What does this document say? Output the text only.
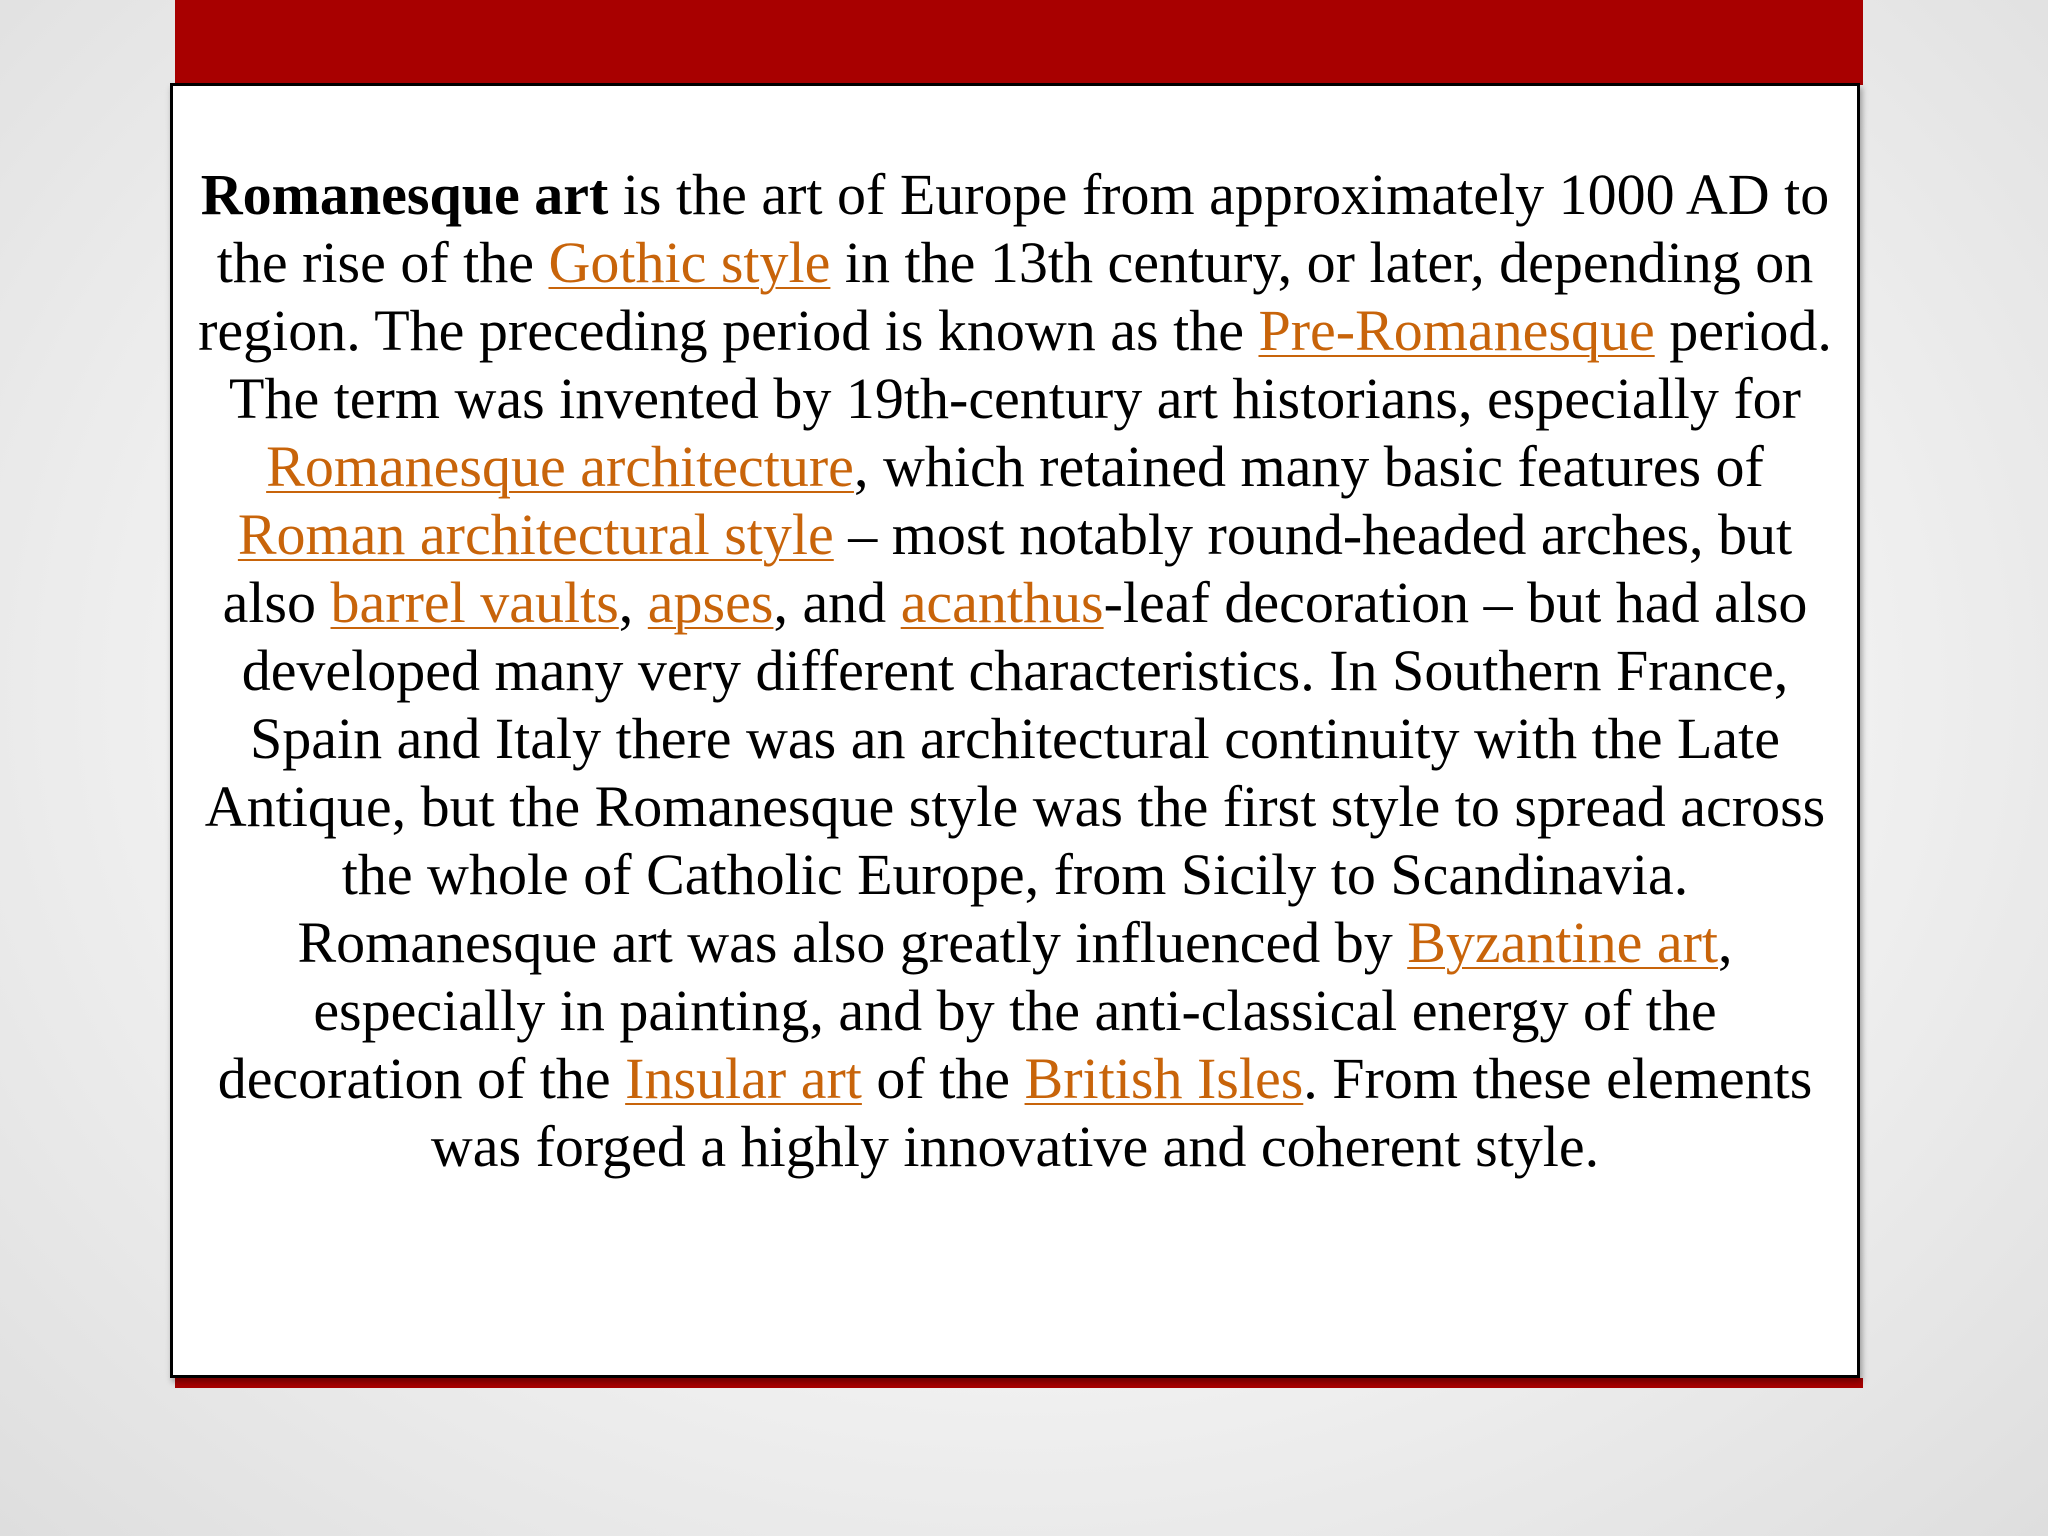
Romanesque art is the art of Europe from approximately 1000 AD to the rise of the Gothic style in the 13th century, or later, depending on region. The preceding period is known as the Pre-Romanesque period. The term was invented by 19th-century art historians, especially for Romanesque architecture, which retained many basic features of Roman architectural style – most notably round-headed arches, but also barrel vaults, apses, and acanthus-leaf decoration – but had also developed many very different characteristics. In Southern France, Spain and Italy there was an architectural continuity with the Late Antique, but the Romanesque style was the first style to spread across the whole of Catholic Europe, from Sicily to Scandinavia. Romanesque art was also greatly influenced by Byzantine art, especially in painting, and by the anti-classical energy of the decoration of the Insular art of the British Isles. From these elements was forged a highly innovative and coherent style.
